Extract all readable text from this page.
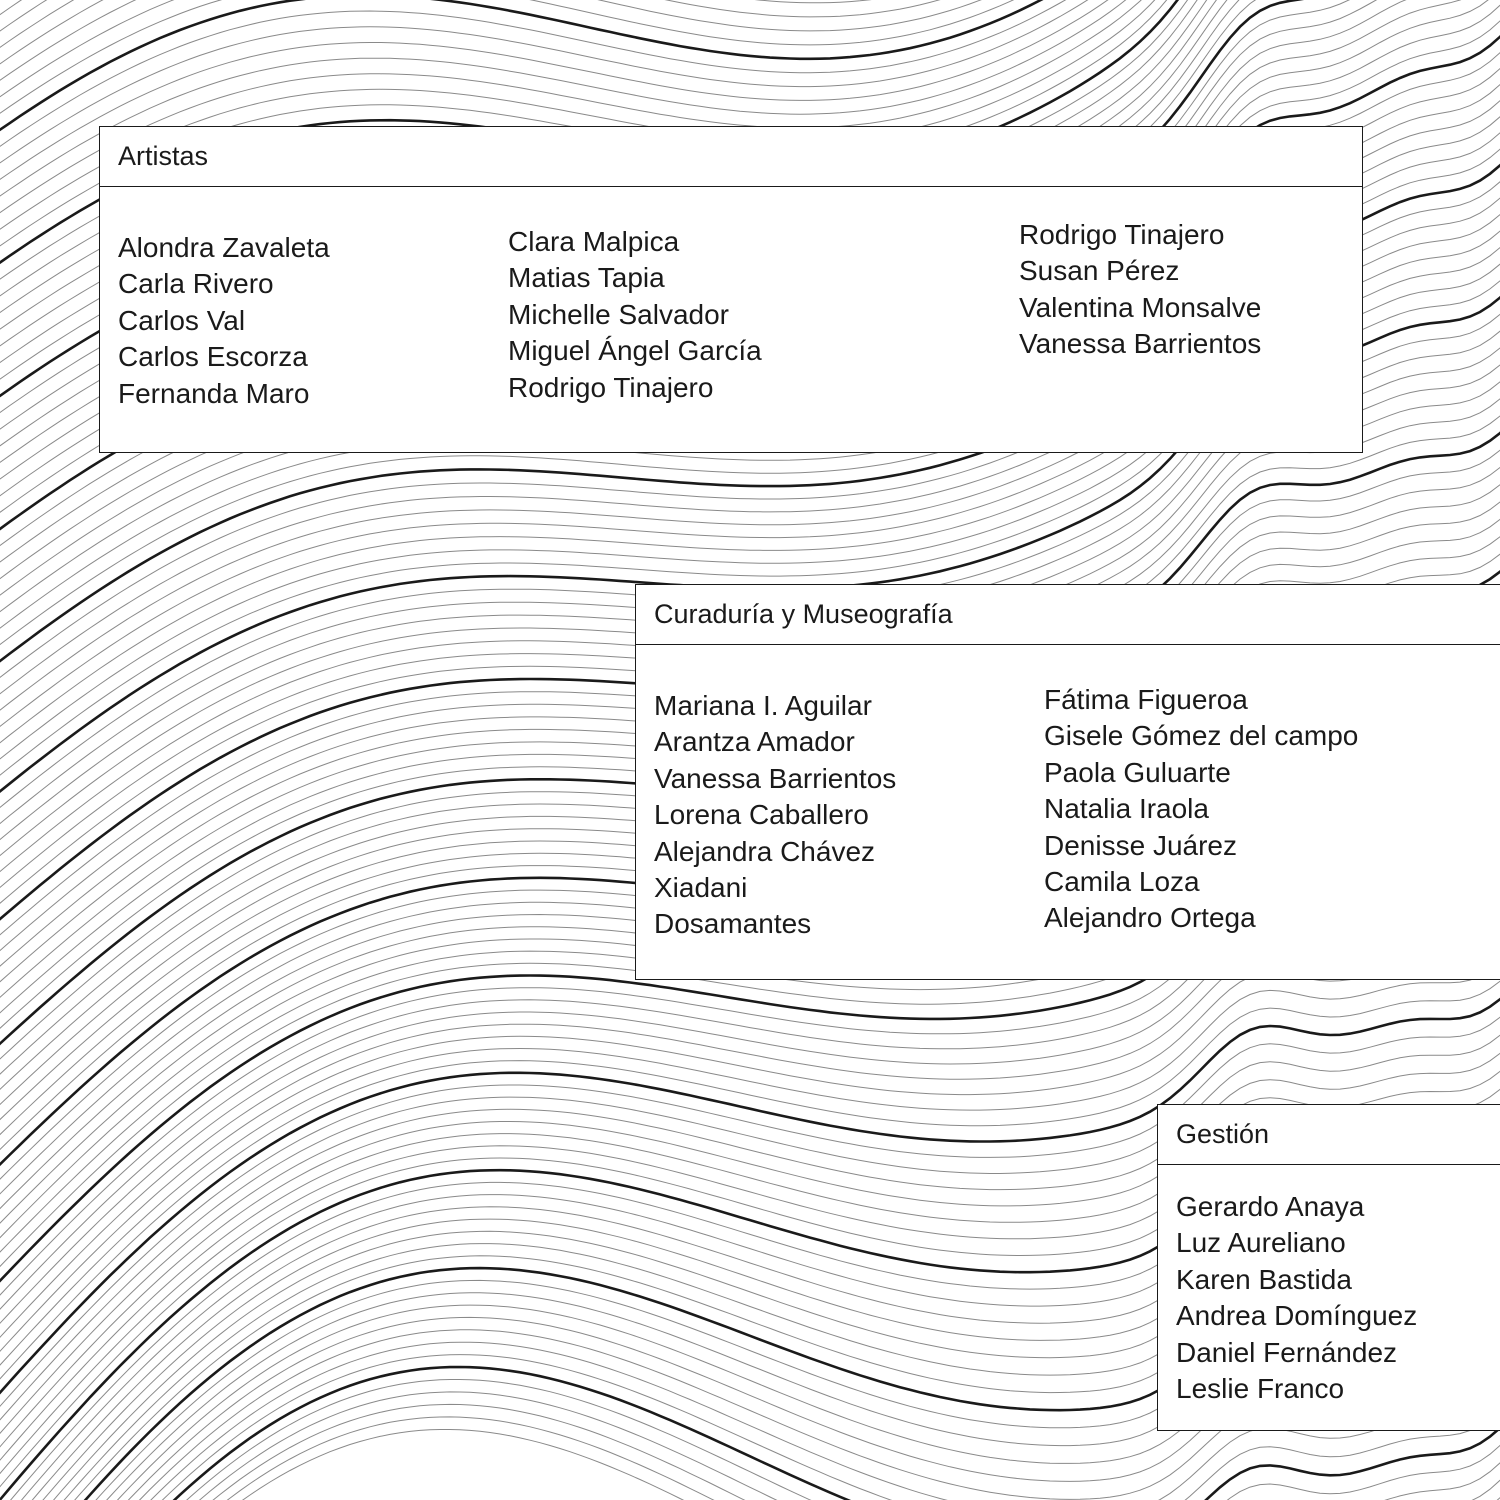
Artistas
Alondra Zavaleta
Carla Rivero
Carlos Val
Carlos Escorza
Fernanda Maro
Clara Malpica
Matias Tapia
Michelle Salvador
Miguel Ángel García
Rodrigo Tinajero
Rodrigo Tinajero
Susan Pérez
Valentina Monsalve
Vanessa Barrientos
Curaduría y Museografía
Mariana I. Aguilar
Arantza Amador
Vanessa Barrientos
Lorena Caballero
Alejandra Chávez
Xiadani
Dosamantes
Fátima Figueroa
Gisele Gómez del campo
Paola Guluarte
Natalia Iraola
Denisse Juárez
Camila Loza
Alejandro Ortega
Gestión
Gerardo Anaya
Luz Aureliano
Karen Bastida
Andrea Domínguez
Daniel Fernández
Leslie Franco
